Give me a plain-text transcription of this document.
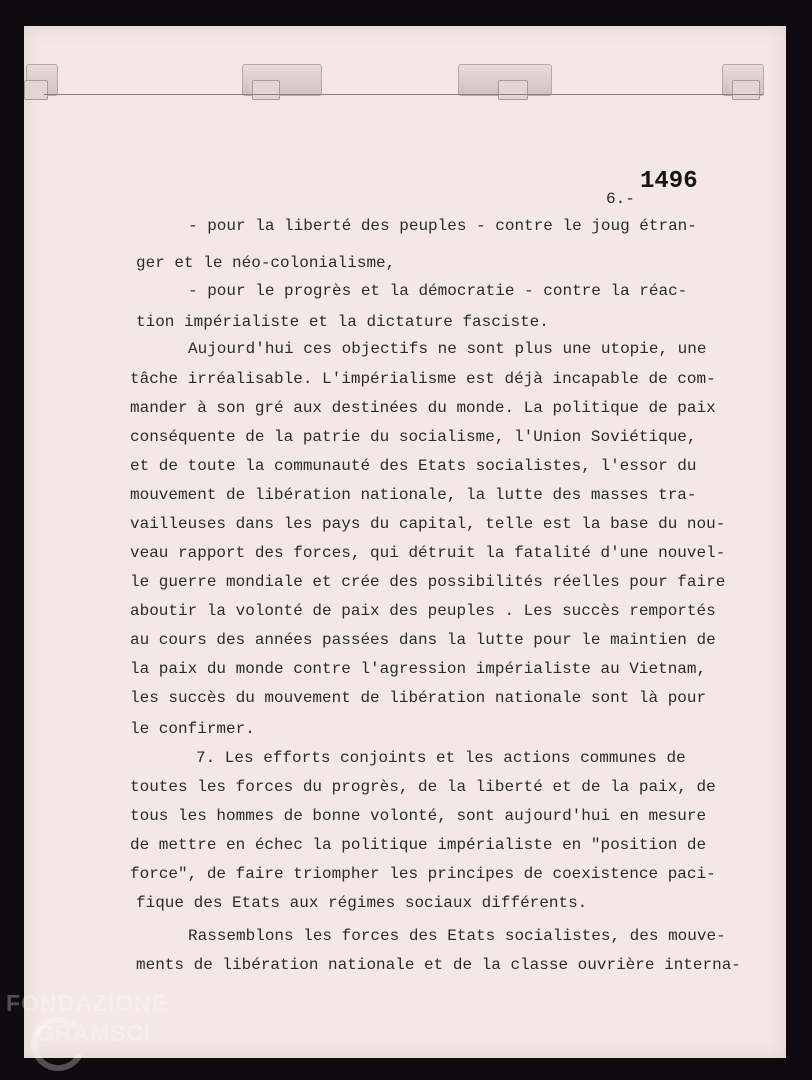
1496
6.-
- pour la liberté des peuples - contre le joug étran-
ger et le néo-colonialisme,
- pour le progrès et la démocratie - contre la réac-
tion impérialiste et la dictature fasciste.
Aujourd'hui ces objectifs ne sont plus une utopie, une
tâche irréalisable. L'impérialisme est déjà incapable de com-
mander à son gré aux destinées du monde. La politique de paix
conséquente de la patrie du socialisme, l'Union Soviétique,
et de toute la communauté des Etats socialistes, l'essor du
mouvement de libération nationale, la lutte des masses tra-
vailleuses dans les pays du capital, telle est la base du nou-
veau rapport des forces, qui détruit la fatalité d'une nouvel-
le guerre mondiale et crée des possibilités réelles pour faire
aboutir la volonté de paix des peuples . Les succès remportés
au cours des années passées dans la lutte pour le maintien de
la paix du monde contre l'agression impérialiste au Vietnam,
les succès du mouvement de libération nationale sont là pour
le confirmer.
7. Les efforts conjoints et les actions communes de
toutes les forces du progrès, de la liberté et de la paix, de
tous les hommes de bonne volonté, sont aujourd'hui en mesure
de mettre en échec la politique impérialiste en "position de
force", de faire triompher les principes de coexistence paci-
fique des Etats aux régimes sociaux différents.
Rassemblons les forces des Etats socialistes, des mouve-
ments de libération nationale et de la classe ouvrière interna-
FONDAZIONE
GRAMSCI
